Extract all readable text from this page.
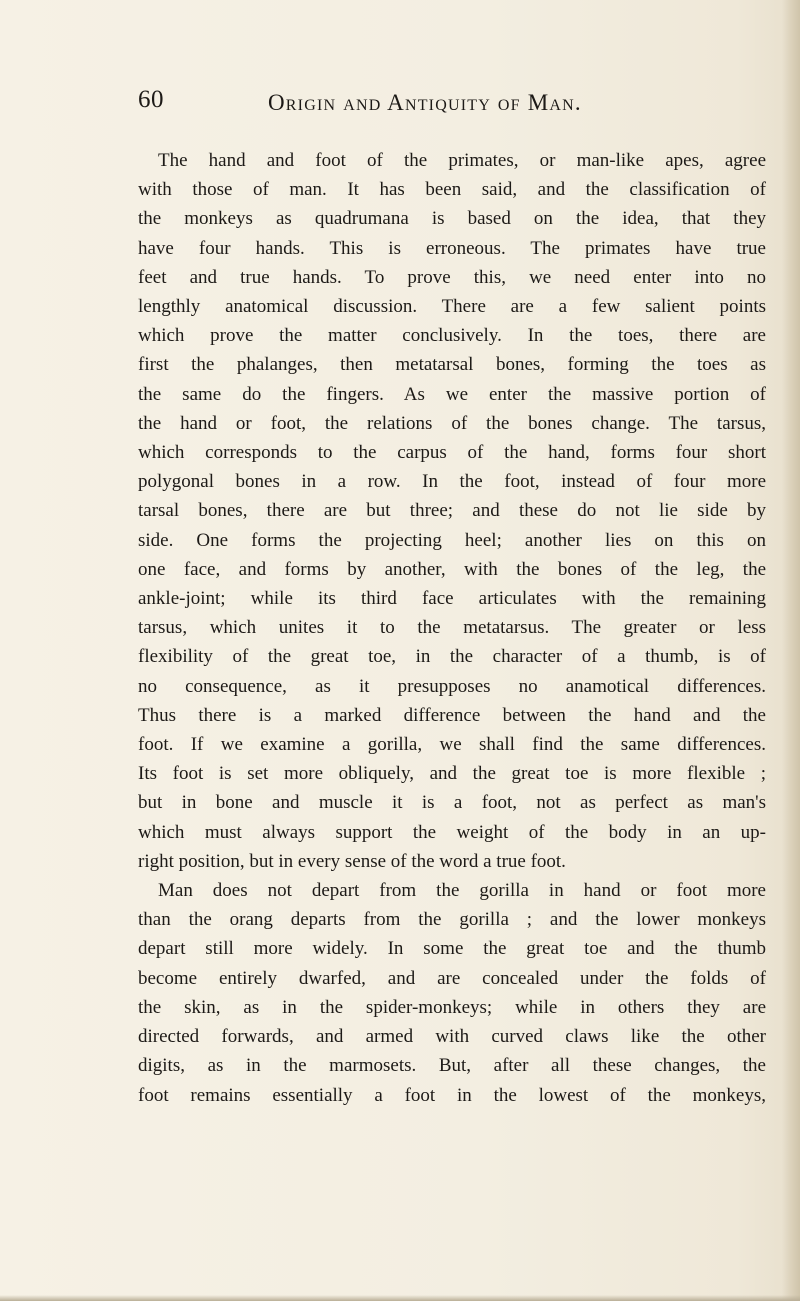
60	Origin and Antiquity of Man.
The hand and foot of the primates, or man-like apes, agree
with those of man. It has been said, and the classification of
the monkeys as quadrumana is based on the idea, that they
have four hands. This is erroneous. The primates have true
feet and true hands. To prove this, we need enter into no
lengthly anatomical discussion. There are a few salient points
which prove the matter conclusively. In the toes, there are
first the phalanges, then metatarsal bones, forming the toes as
the same do the fingers. As we enter the massive portion of
the hand or foot, the relations of the bones change. The tarsus,
which corresponds to the carpus of the hand, forms four short
polygonal bones in a row. In the foot, instead of four more
tarsal bones, there are but three; and these do not lie side by
side. One forms the projecting heel; another lies on this on
one face, and forms by another, with the bones of the leg, the
ankle-joint; while its third face articulates with the remaining
tarsus, which unites it to the metatarsus. The greater or less
flexibility of the great toe, in the character of a thumb, is of
no consequence, as it presupposes no anamotical differences.
Thus there is a marked difference between the hand and the
foot. If we examine a gorilla, we shall find the same differences.
Its foot is set more obliquely, and the great toe is more flexible ;
but in bone and muscle it is a foot, not as perfect as man's
which must always support the weight of the body in an up-
right position, but in every sense of the word a true foot.
Man does not depart from the gorilla in hand or foot more
than the orang departs from the gorilla ; and the lower monkeys
depart still more widely. In some the great toe and the thumb
become entirely dwarfed, and are concealed under the folds of
the skin, as in the spider-monkeys; while in others they are
directed forwards, and armed with curved claws like the other
digits, as in the marmosets. But, after all these changes, the
foot remains essentially a foot in the lowest of the monkeys,
